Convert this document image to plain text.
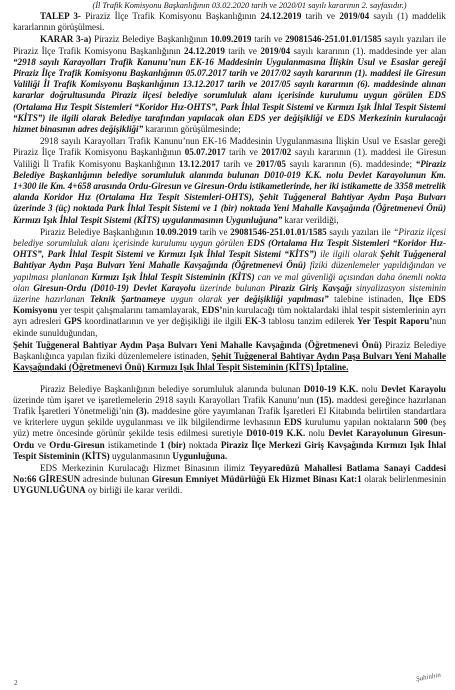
(İl Trafik Komisyonu Başkanlığının 03.02.2020 tarih ve 2020/01 sayılı kararının 2. sayfasıdır.)

TALEP 3- Piraziz İlçe Trafik Komisyonu Başkanlığının 24.12.2019 tarih ve 2019/04 sayılı (1) maddelik kararlarının görüşülmesi.

KARAR 3-a) Piraziz Belediye Başkanlığının 10.09.2019 tarih ve 29081546-251.01.01/1585 sayılı yazıları ile Piraziz İlçe Trafik Komisyonu Başkanlığının 24.12.2019 tarih ve 2019/04 sayılı kararının (1). maddesinde yer alan “2918 sayılı Karayolları Trafik Kanunu’nun EK-16 Maddesinin Uygulanmasına İlişkin Usul ve Esaslar gereği Piraziz İlçe Trafik Komisyonu Başkanlığının 05.07.2017 tarih ve 2017/02 sayılı kararının (1). maddesi ile Giresun Valiliği İl Trafik Komisyonu Başkanlığının 13.12.2017 tarih ve 2017/05 sayılı kararının (6). maddesinde alınan kararlar doğrultusunda Piraziz ilçesi belediye sorumluluk alanı içerisinde kurulumu uygun görülen EDS (Ortalama Hız Tespit Sistemleri “Koridor Hız-OHTS”, Park İhlal Tespit Sistemi ve Kırmızı Işık İhlal Tespit Sistemi “KİTS”) ile ilgili olarak Belediye tarafından yapılacak olan EDS yer değişikliği ve EDS Merkezinin kurulacağı hizmet binasının adres değişikliği” kararının görüşülmesinde;

2918 sayılı Karayolları Trafik Kanunu’nun EK-16 Maddesinin Uygulanmasına İlişkin Usul ve Esaslar gereği Piraziz İlçe Trafik Komisyonu Başkanlığının 05.07.2017 tarih ve 2017/02 sayılı kararının (1). maddesi ile Giresun Valiliği İl Trafik Komisyonu Başkanlığının 13.12.2017 tarih ve 2017/05 sayılı kararının (6). maddesinde; “Piraziz Belediye Başkanlığının belediye sorumluluk alanında bulunan D010-019 K.K. nolu Devlet Karayolunun Km. 1+300 ile Km. 4+658 arasında Ordu-Giresun ve Giresun-Ordu istikametlerinde, her iki istikamette de 3358 metrelik alanda Koridor Hız (Ortalama Hız Tespit Sistemleri-OHTS), Şehit Tuğgeneral Bahtiyar Aydın Paşa Bulvarı üzerinde 3 (üç) noktada Park İhlal Tespit Sistemi ve 1 (bir) noktada Yeni Mahalle Kavşağında (Öğretmenevi Önü) Kırmızı Işık İhlal Tespit Sistemi (KİTS) uygulanmasının Uygunluğuna” karar verildiği,

Piraziz Belediye Başkanlığının 10.09.2019 tarih ve 29081546-251.01.01/1585 sayılı yazıları ile “Piraziz ilçesi belediye sorumluluk alanı içerisinde kurulumu uygun görülen EDS (Ortalama Hız Tespit Sistemleri “Koridor Hız-OHTS”, Park İhlal Tespit Sistemi ve Kırmızı Işık İhlal Tespit Sistemi “KİTS”) ile ilgili olarak Şehit Tuğgeneral Bahtiyar Aydın Paşa Bulvarı Yeni Mahalle Kavşağında (Öğretmenevi Önü) fiziki düzenlemeler yapıldığından ve yapılması planlanan Kırmızı Işık İhlal Tespit Sisteminin (KİTS) can ve mal güvenliği açısından daha önemli nokta olan Giresun-Ordu (D010-19) Devlet Karayolu üzerinde bulunan Piraziz Giriş Kavşağı sinyalizasyon sisteminin üzerine hazırlanan Teknik Şartnameye uygun olarak yer değişikliği yapılması” talebine istinaden, İlçe EDS Komisyonu yer tespit çalışmalarını tamamlayarak, EDS’nin kurulacağı tüm noktalardaki ihlal tespit sistemlerinin ayrı ayrı adresleri GPS koordinatlarının ve yer değişikliği ile ilgili EK-3 tablosu tanzim edilerek Yer Tespit Raporu’nun ekinde sunulduğundan,

Şehit Tuğgeneral Bahtiyar Aydın Paşa Bulvarı Yeni Mahalle Kavşağında (Öğretmenevi Önü) Piraziz Belediye Başkanlığınca yapılan fiziki düzenlemelere istinaden, Şehit Tuğgeneral Bahtiyar Aydın Paşa Bulvarı Yeni Mahalle Kavşağındaki (Öğretmenevi Önü) Kırmızı Işık İhlal Tespit Sisteminin (KİTS) İptaline.

Piraziz Belediye Başkanlığının belediye sorumluluk alanında bulunan D010-19 K.K. nolu Devlet Karayolu üzerinde tüm işaret ve işaretlemelerin 2918 sayılı Karayolları Trafik Kanunu’nun (15). maddesi gereğince hazırlanan Trafik İşaretleri Yönetmeliği’nin (3). maddesine göre yayımlanan Trafik İşaretleri El Kitabında belirtilen standartlara ve kriterlere uygun şekilde uygulanması ve ilk bilgilendirme levhasının EDS kurulumu yapılan noktaların 500 (beş yüz) metre öncesinde görünür şekilde tesis edilmesi suretiyle D010-019 K.K. nolu Devlet Karayolunun Giresun-Ordu ve Ordu-Giresun istikametinde 1 (bir) noktada Piraziz İlçe Merkezi Giriş Kavşağında Kırmızı Işık İhlal Tespit Sisteminin (KİTS) uygulanmasının Uygunluğuna.

EDS Merkezinin Kurulacağı Hizmet Binasının ilimiz Teyyaredüzü Mahallesi Batlama Sanayi Caddesi No:66 GİRESUN adresinde bulunan Giresun Emniyet Müdürlüğü Ek Hizmet Binası Kat:1 olarak belirlenmesinin UYGUNLUĞUNA oy birliği ile karar verildi.

2	Şahinbin
